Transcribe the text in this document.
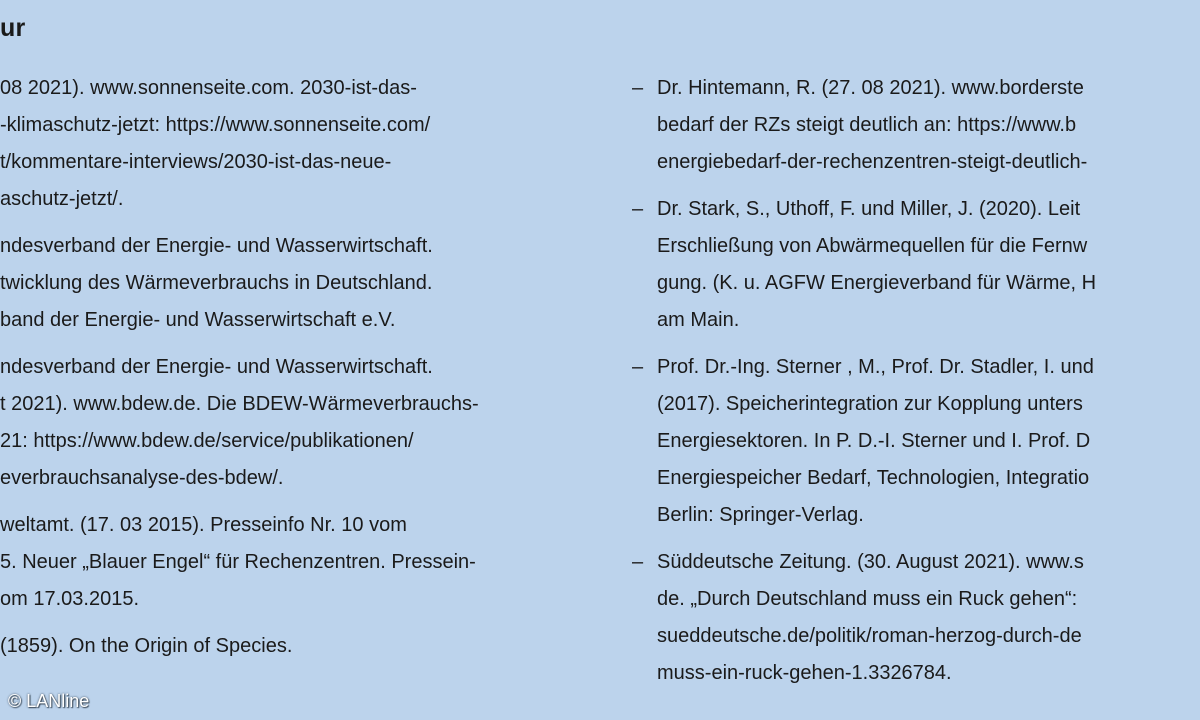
ur
08 2021). www.sonnenseite.com. 2030-ist-das-
-klimaschutz-jetzt: https://www.sonnenseite.com/
t/kommentare-interviews/2030-ist-das-neue-
aschutz-jetzt/.
ndesverband der Energie- und Wasserwirtschaft.
twicklung des Wärmeverbrauchs in Deutschland.
band der Energie- und Wasserwirtschaft e.V.
ndesverband der Energie- und Wasserwirtschaft.
t 2021). www.bdew.de. Die BDEW-Wärmeverbrauchs-
21: https://www.bdew.de/service/publikationen/
everbrauchsanalyse-des-bdew/.
weltamt. (17. 03 2015). Presseinfo Nr. 10 vom
5. Neuer „Blauer Engel“ für Rechenzentren. Pressein-
om 17.03.2015.
(1859). On the Origin of Species.
– Dr. Hintemann, R. (27. 08 2021). www.borderste
bedarf der RZs steigt deutlich an: https://www.b
energiebedarf-der-rechenzentren-steigt-deutlich-
– Dr. Stark, S., Uthoff, F. und Miller, J. (2020). Leit
Erschließung von Abwärmequellen für die Fernw
gung. (K. u. AGFW Energieverband für Wärme, H
am Main.
– Prof. Dr.-Ing. Sterner , M., Prof. Dr. Stadler, I. und
(2017). Speicherintegration zur Kopplung unters
Energiesektoren. In P. D.-I. Sterner und I. Prof. D
Energiespeicher Bedarf, Technologien, Integratio
Berlin: Springer-Verlag.
– Süddeutsche Zeitung. (30. August 2021). www.s
de. „Durch Deutschland muss ein Ruck gehen“:
sueddeutsche.de/politik/roman-herzog-durch-de
muss-ein-ruck-gehen-1.3326784.
© LANline
